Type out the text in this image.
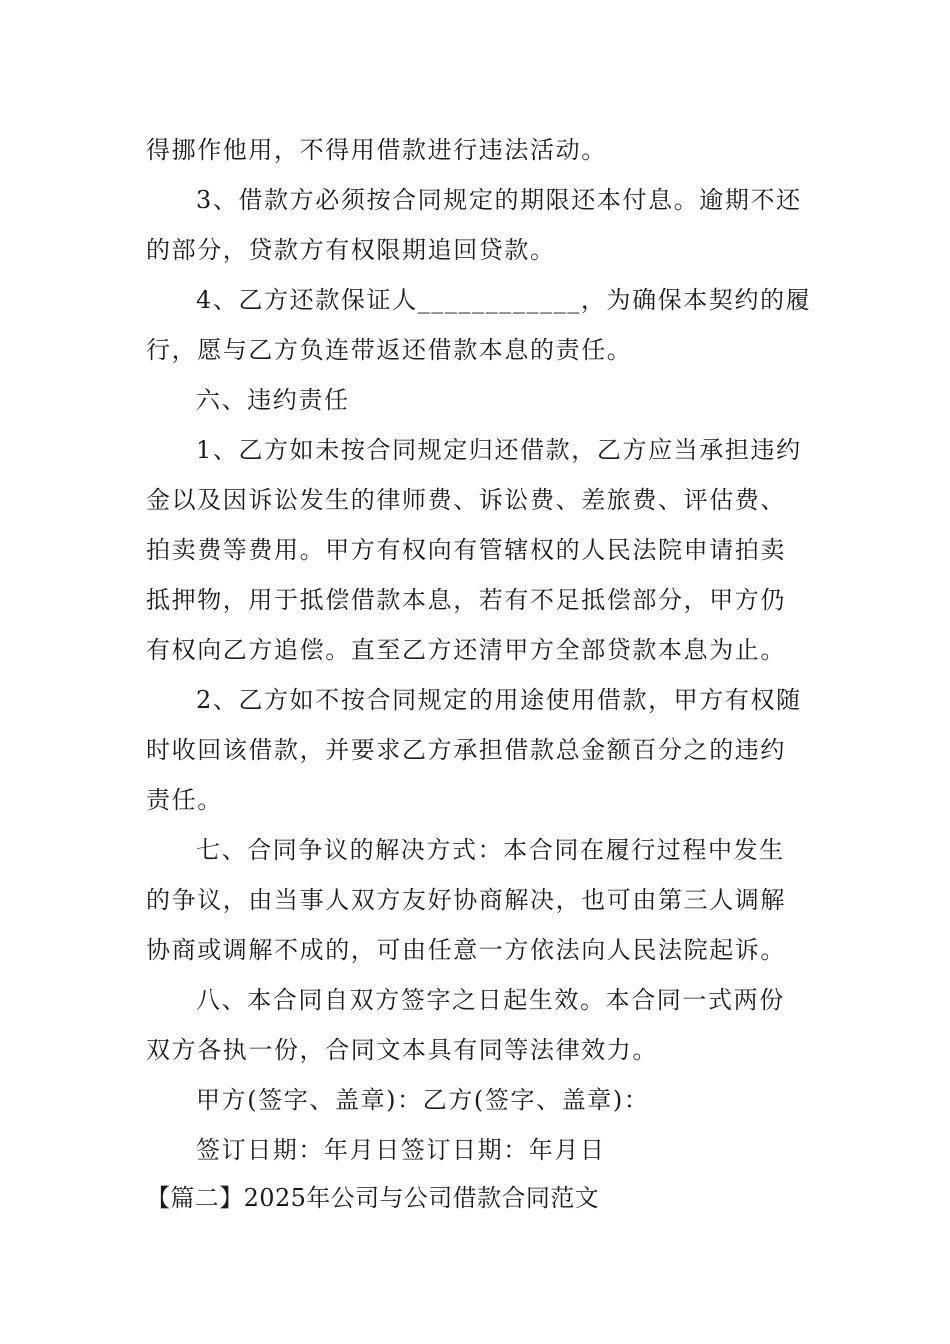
得挪作他用，不得用借款进行违法活动。
3、借款方必须按合同规定的期限还本付息。逾期不还
的部分，贷款方有权限期追回贷款。
4、乙方还款保证人____________，为确保本契约的履
行，愿与乙方负连带返还借款本息的责任。
六、违约责任
1、乙方如未按合同规定归还借款，乙方应当承担违约
金以及因诉讼发生的律师费、诉讼费、差旅费、评估费、
拍卖费等费用。甲方有权向有管辖权的人民法院申请拍卖
抵押物，用于抵偿借款本息，若有不足抵偿部分，甲方仍
有权向乙方追偿。直至乙方还清甲方全部贷款本息为止。
2、乙方如不按合同规定的用途使用借款，甲方有权随
时收回该借款，并要求乙方承担借款总金额百分之的违约
责任。
七、合同争议的解决方式：本合同在履行过程中发生
的争议，由当事人双方友好协商解决，也可由第三人调解
协商或调解不成的，可由任意一方依法向人民法院起诉。
八、本合同自双方签字之日起生效。本合同一式两份
双方各执一份，合同文本具有同等法律效力。
甲方(签字、盖章)：乙方(签字、盖章)：
签订日期：年月日签订日期：年月日
【篇二】2025年公司与公司借款合同范文
